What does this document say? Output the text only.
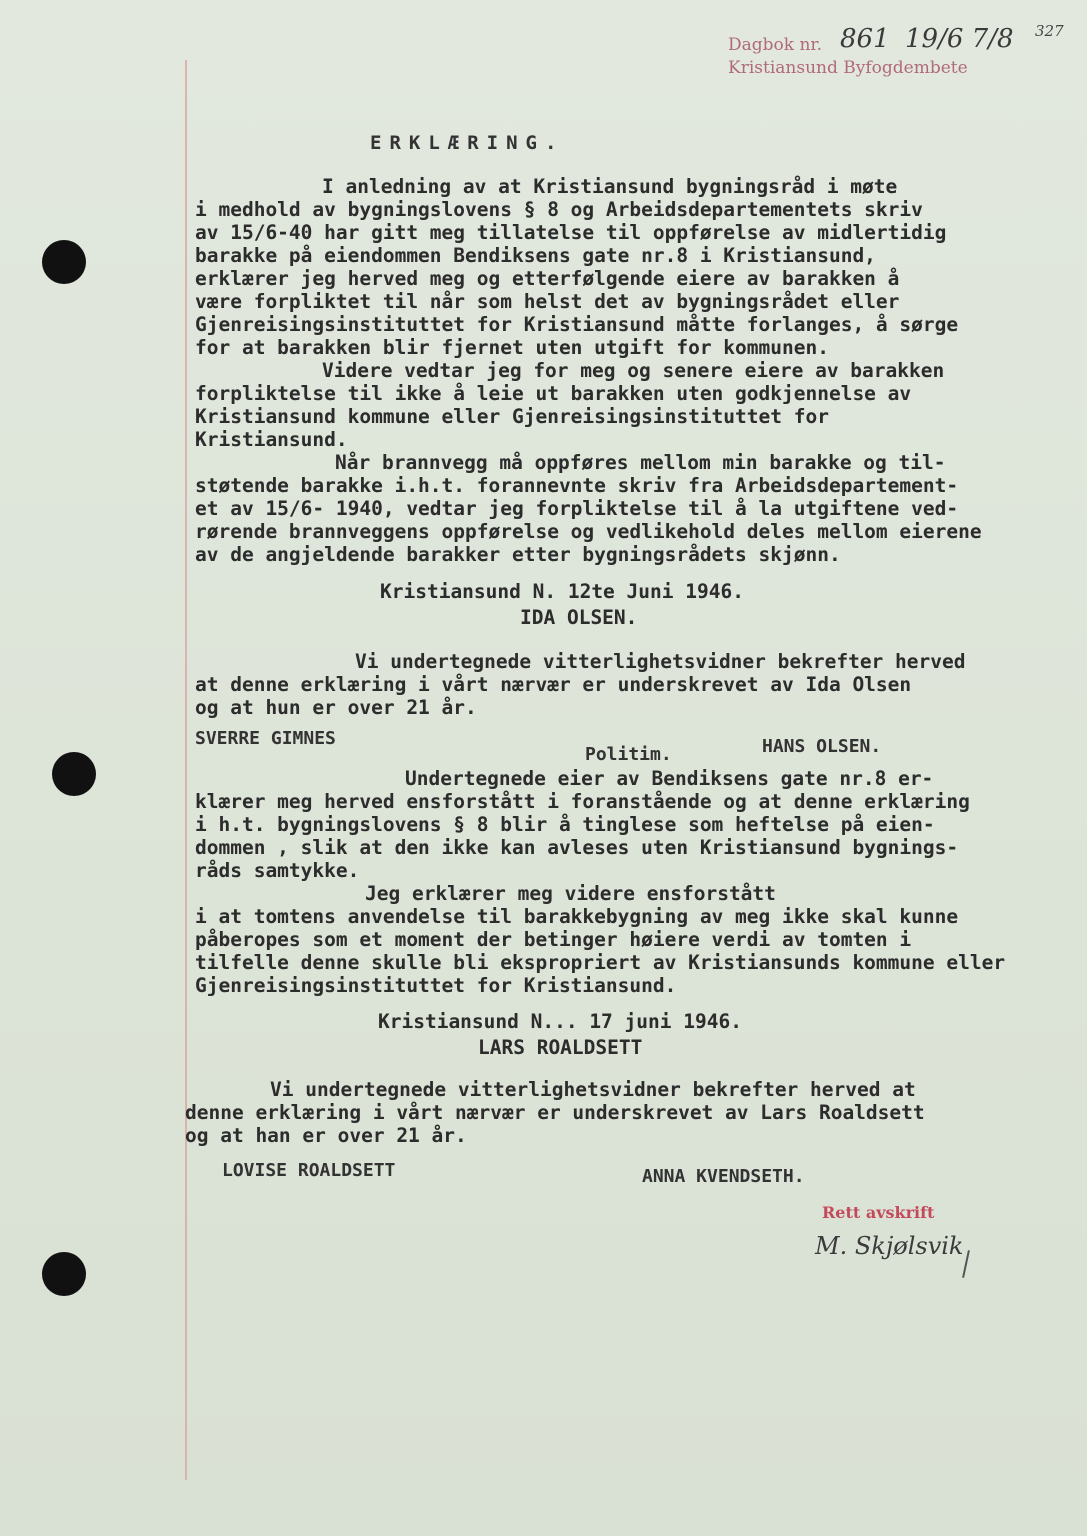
327
Dagbok nr. 861 19/6 7/8
Kristiansund Byfogdembete
ERKLÆRING.
I anledning av at Kristiansund bygningsråd i møte
i medhold av bygningslovens § 8 og Arbeidsdepartementets skriv
av 15/6-40 har gitt meg tillatelse til oppførelse av midlertidig
barakke på eiendommen Bendiksens gate nr.8 i Kristiansund,
erklærer jeg herved meg og etterfølgende eiere av barakken å
være forpliktet til når som helst det av bygningsrådet eller
Gjenreisingsinstituttet for Kristiansund måtte forlanges, å sørge
for at barakken blir fjernet uten utgift for kommunen.
Videre vedtar jeg for meg og senere eiere av barakken
forpliktelse til ikke å leie ut barakken uten godkjennelse av
Kristiansund kommune eller Gjenreisingsinstituttet for
Kristiansund.
Når brannvegg må oppføres mellom min barakke og til-
støtende barakke i.h.t. forannevnte skriv fra Arbeidsdepartement-
et av 15/6- 1940, vedtar jeg forpliktelse til å la utgiftene ved-
rørende brannveggens oppførelse og vedlikehold deles mellom eierene
av de angjeldende barakker etter bygningsrådets skjønn.
Kristiansund N. 12te Juni 1946.
IDA OLSEN.
Vi undertegnede vitterlighetsvidner bekrefter herved
at denne erklæring i vårt nærvær er underskrevet av Ida Olsen
og at hun er over 21 år.
SVERRE GIMNES
Politim.	HANS OLSEN.
Undertegnede eier av Bendiksens gate nr.8 er-
klærer meg herved ensforstått i foranstående og at denne erklæring
i h.t. bygningslovens § 8 blir å tinglese som heftelse på eien-
dommen , slik at den ikke kan avleses uten Kristiansund bygnings-
råds samtykke.
Jeg erklærer meg videre ensforstått
i at tomtens anvendelse til barakkebygning av meg ikke skal kunne
påberopes som et moment der betinger høiere verdi av tomten i
tilfelle denne skulle bli ekspropriert av Kristiansunds kommune eller
Gjenreisingsinstituttet for Kristiansund.
Kristiansund N... 17 juni 1946.
LARS ROALDSETT
Vi undertegnede vitterlighetsvidner bekrefter herved at
denne erklæring i vårt nærvær er underskrevet av Lars Roaldsett
og at han er over 21 år.
LOVISE ROALDSETT	ANNA KVENDSETH.
Rett avskrift
M. Skjølsvik
